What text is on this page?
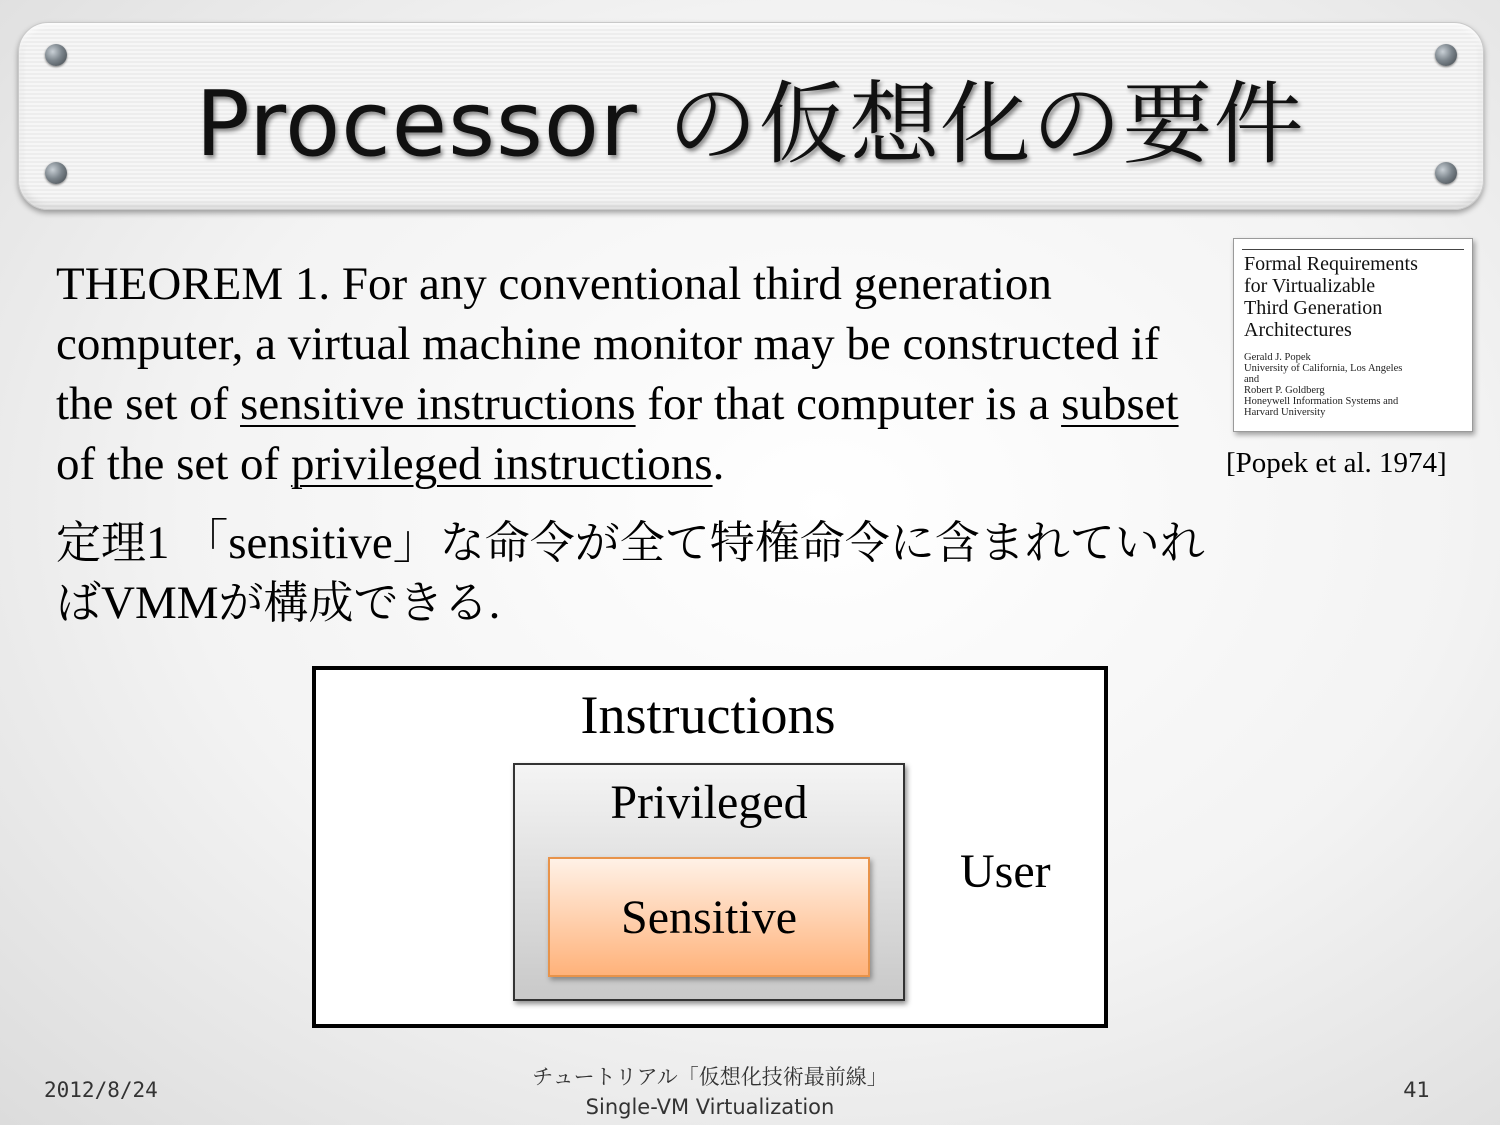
Processor の仮想化の要件

THEOREM 1. For any conventional third generation computer, a virtual machine monitor may be constructed if the set of sensitive instructions for that computer is a subset of the set of privileged instructions.

定理1 「sensitive」な命令が全て特権命令に含まれていればVMMが構成できる.

Formal Requirements
for Virtualizable
Third Generation
Architectures

Gerald J. Popek
University of California, Los Angeles
and
Robert P. Goldberg
Honeywell Information Systems and
Harvard University

[Popek et al. 1974]
Instructions
Privileged
Sensitive
User
2012/8/24
チュートリアル「仮想化技術最前線」
Single-VM Virtualization
41
